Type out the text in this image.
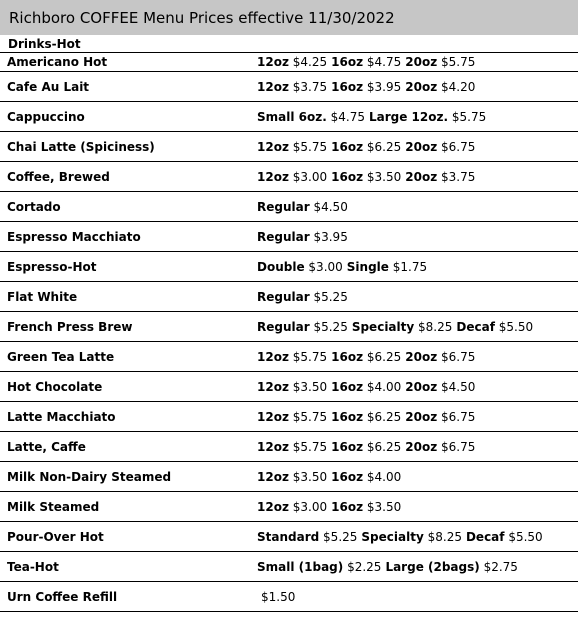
Richboro COFFEE Menu Prices effective 11/30/2022
Drinks-Hot
Americano Hot	12oz $4.25 16oz $4.75 20oz $5.75
Cafe Au Lait	12oz $3.75 16oz $3.95 20oz $4.20
Cappuccino	Small 6oz. $4.75 Large 12oz. $5.75
Chai Latte (Spiciness)	12oz $5.75 16oz $6.25 20oz $6.75
Coffee, Brewed	12oz $3.00 16oz $3.50 20oz $3.75
Cortado	Regular $4.50
Espresso Macchiato	Regular $3.95
Espresso-Hot	Double $3.00 Single $1.75
Flat White	Regular $5.25
French Press Brew	Regular $5.25 Specialty $8.25 Decaf $5.50
Green Tea Latte	12oz $5.75 16oz $6.25 20oz $6.75
Hot Chocolate	12oz $3.50 16oz $4.00 20oz $4.50
Latte Macchiato	12oz $5.75 16oz $6.25 20oz $6.75
Latte, Caffe	12oz $5.75 16oz $6.25 20oz $6.75
Milk Non-Dairy Steamed	12oz $3.50 16oz $4.00
Milk Steamed	12oz $3.00 16oz $3.50
Pour-Over Hot	Standard $5.25 Specialty $8.25 Decaf $5.50
Tea-Hot	Small (1bag) $2.25 Large (2bags) $2.75
Urn Coffee Refill	$1.50
